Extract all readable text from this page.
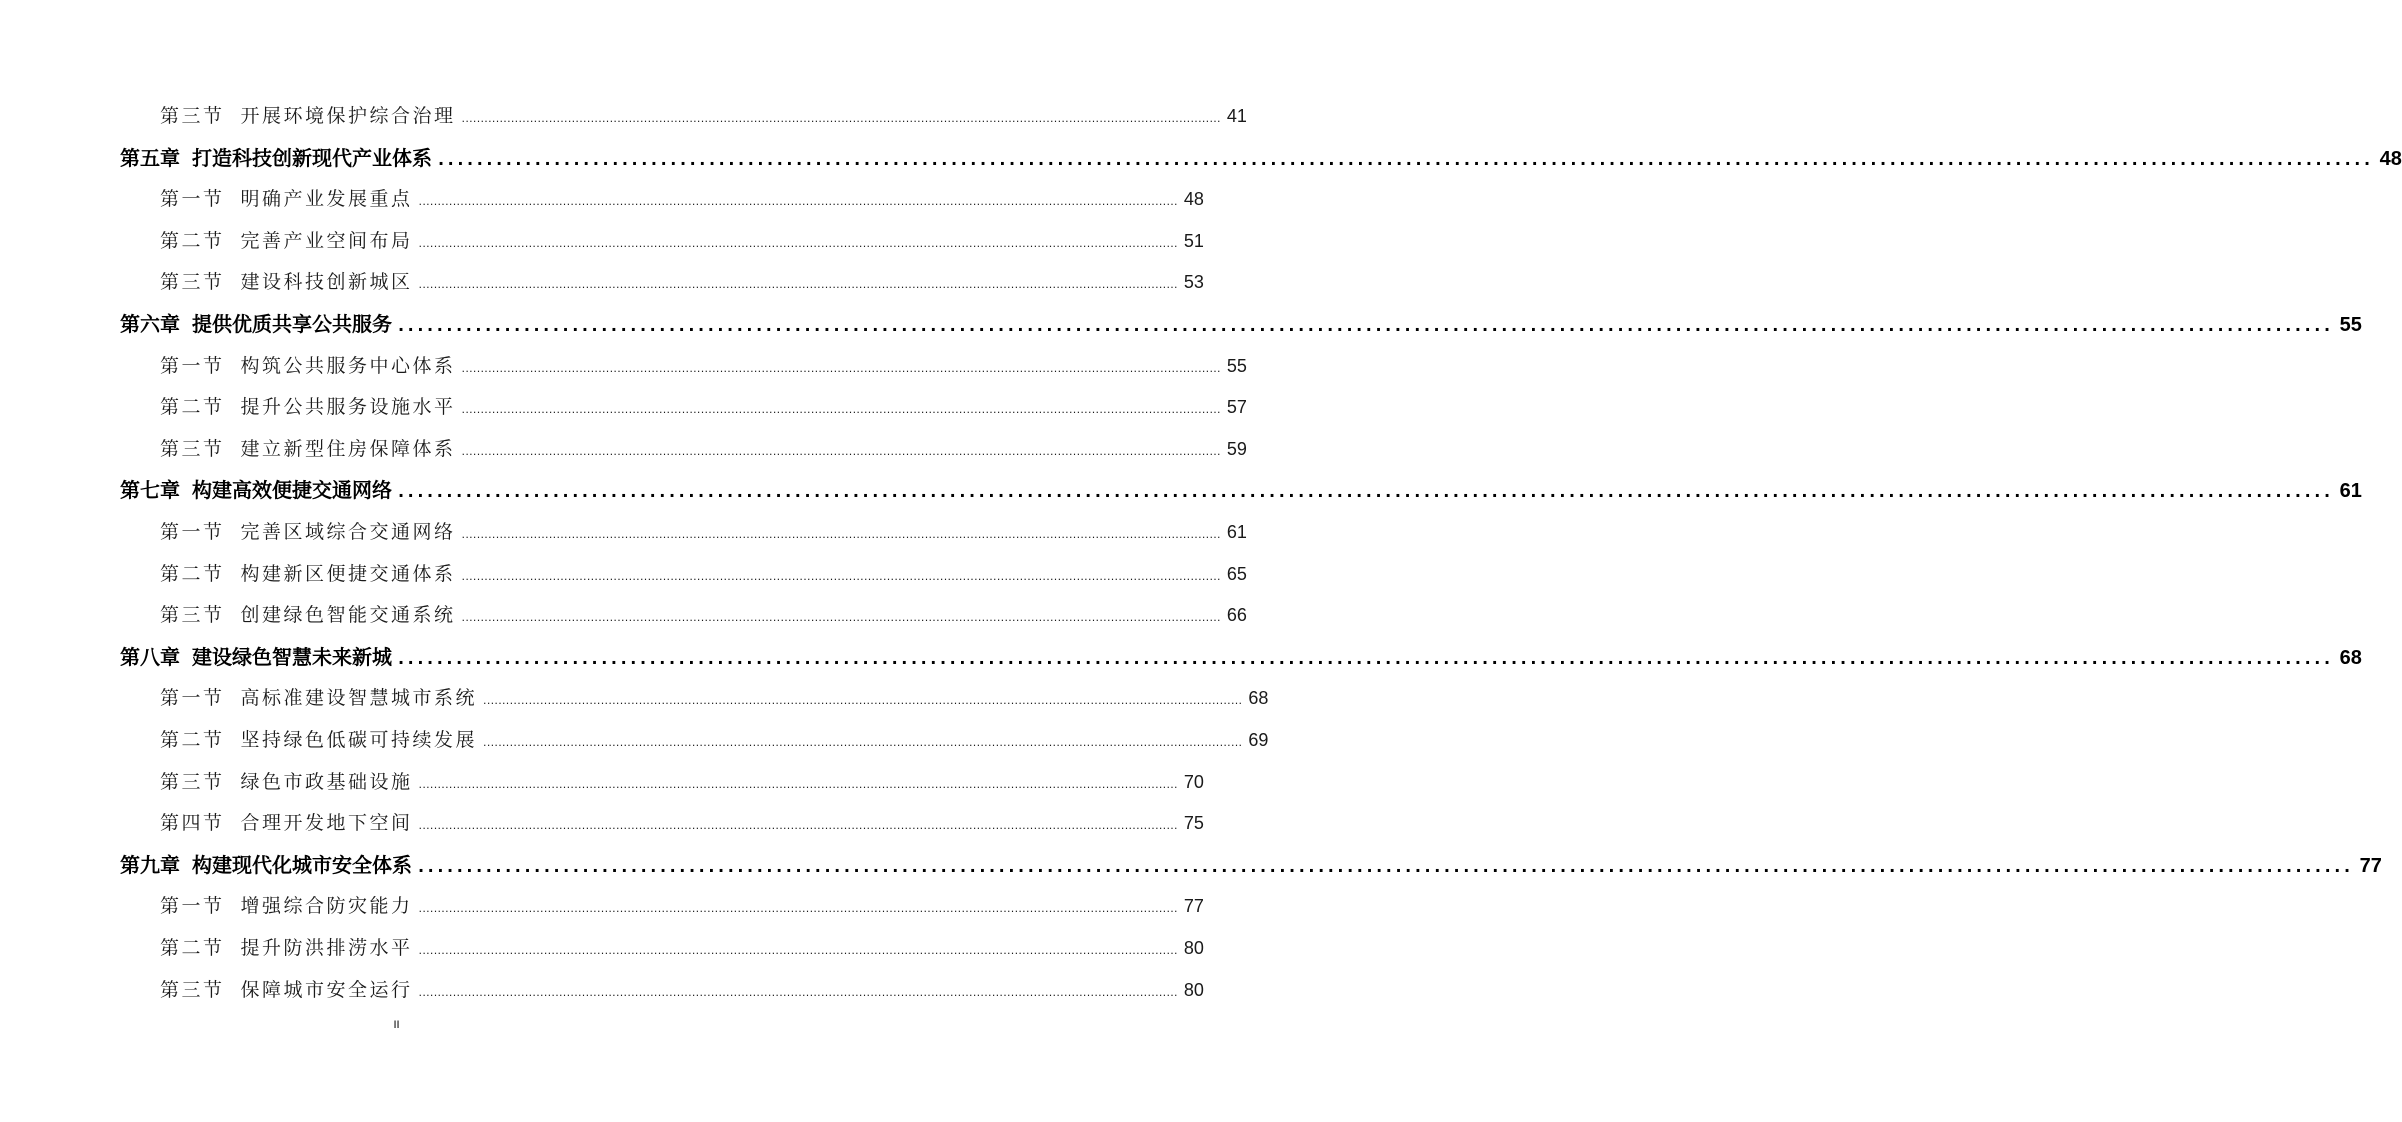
第三节 开展环境保护综合治理 ........................................................................................................................................................................................................ 41
第五章 打造科技创新现代产业体系 ........................................................................................................................................................................................................ 48
第一节 明确产业发展重点 ........................................................................................................................................................................................................ 48
第二节 完善产业空间布局 ........................................................................................................................................................................................................ 51
第三节 建设科技创新城区 ........................................................................................................................................................................................................ 53
第六章 提供优质共享公共服务 ........................................................................................................................................................................................................ 55
第一节 构筑公共服务中心体系 ........................................................................................................................................................................................................ 55
第二节 提升公共服务设施水平 ........................................................................................................................................................................................................ 57
第三节 建立新型住房保障体系 ........................................................................................................................................................................................................ 59
第七章 构建高效便捷交通网络 ........................................................................................................................................................................................................ 61
第一节 完善区域综合交通网络 ........................................................................................................................................................................................................ 61
第二节 构建新区便捷交通体系 ........................................................................................................................................................................................................ 65
第三节 创建绿色智能交通系统 ........................................................................................................................................................................................................ 66
第八章 建设绿色智慧未来新城 ........................................................................................................................................................................................................ 68
第一节 高标准建设智慧城市系统 ........................................................................................................................................................................................................ 68
第二节 坚持绿色低碳可持续发展 ........................................................................................................................................................................................................ 69
第三节 绿色市政基础设施 ........................................................................................................................................................................................................ 70
第四节 合理开发地下空间 ........................................................................................................................................................................................................ 75
第九章 构建现代化城市安全体系 ........................................................................................................................................................................................................ 77
第一节 增强综合防灾能力 ........................................................................................................................................................................................................ 77
第二节 提升防洪排涝水平 ........................................................................................................................................................................................................ 80
第三节 保障城市安全运行 ........................................................................................................................................................................................................ 80
II
